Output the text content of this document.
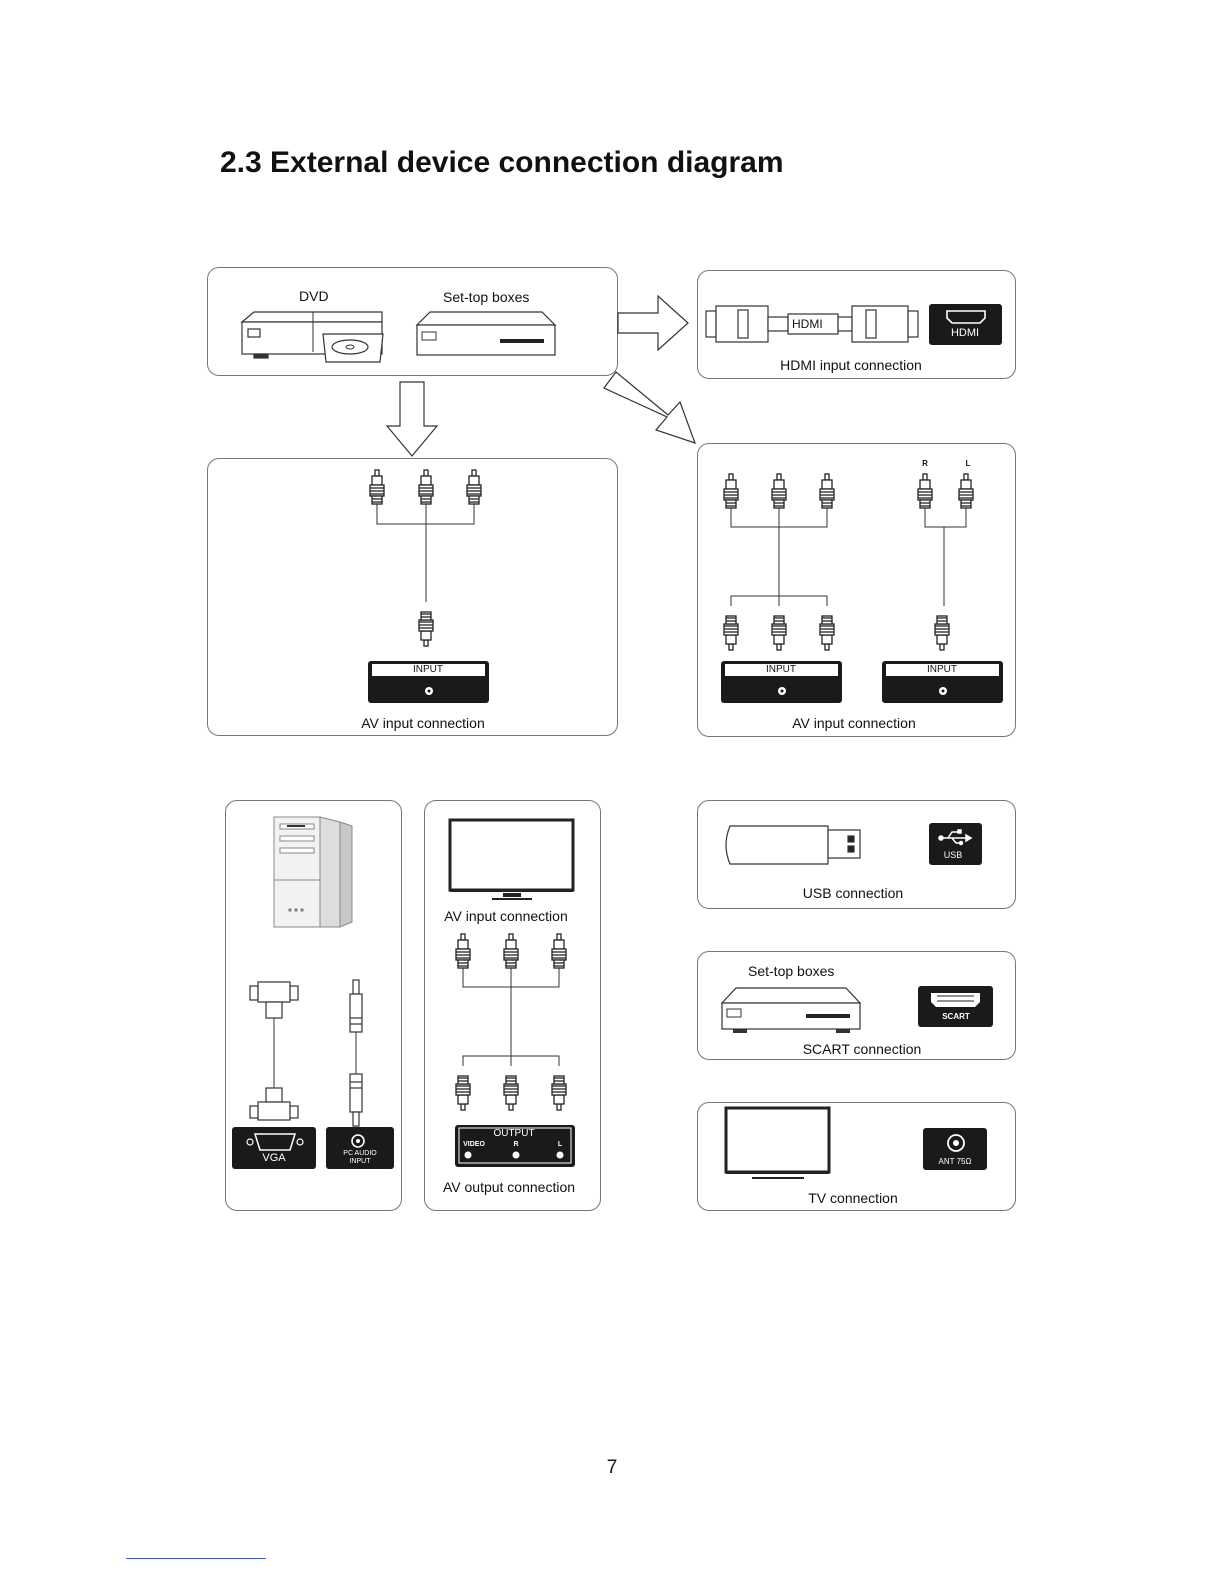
2.3 External device connection diagram
DVD	Set-top boxes
HDMI
HDMI
HDMI input connection
INPUT
AV input connection
R	L
INPUT	INPUT
AV input connection
VGA	PC AUDIO
INPUT
AV input connection
OUTPUT
VIDEO	R	L
AV output connection
USB
USB connection
Set-top boxes
SCART
SCART connection
ANT 75Ω
TV connection
7
